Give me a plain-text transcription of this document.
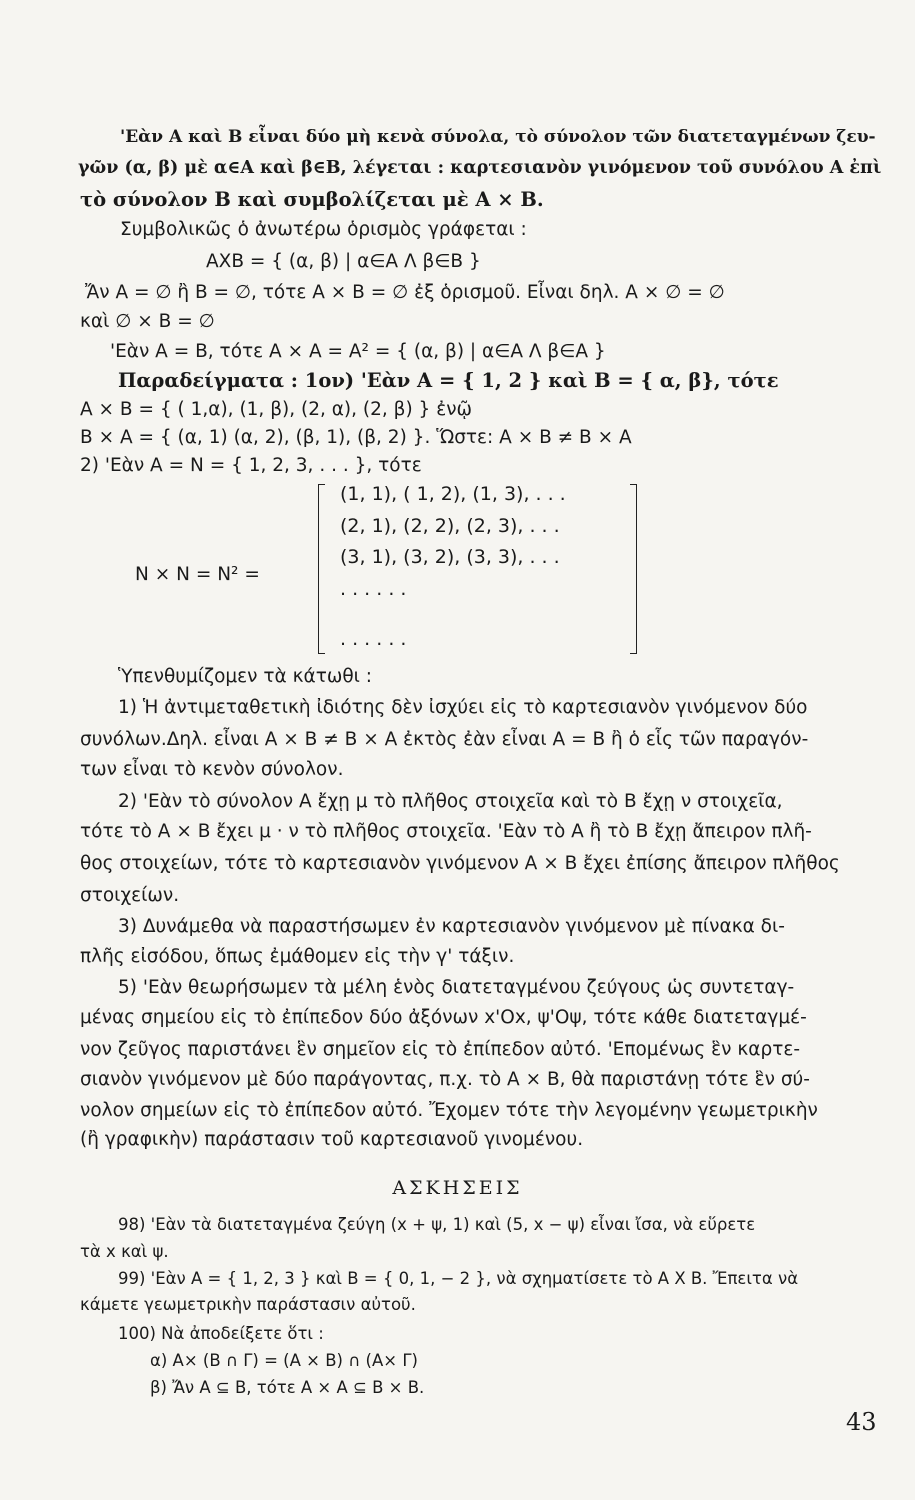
'Εὰν Α καὶ Β εἶναι δύο μὴ κενὰ σύνολα, τὸ σύνολον τῶν διατεταγμένων ζευ-
γῶν (α, β) μὲ α∈Α καὶ β∈Β, λέγεται : καρτεσιανὸν γινόμενον τοῦ συνόλου Α ἐπὶ
τὸ σύνολον Β καὶ συμβολίζεται μὲ Α × Β.
Συμβολικῶς ὁ ἀνωτέρω ὁρισμὸς γράφεται :
ΑΧΒ = { (α, β) | α∈Α Λ β∈Β }
Ἄν Α = ∅ ἢ Β = ∅, τότε Α × Β = ∅ ἐξ ὁρισμοῦ. Εἶναι δηλ. Α × ∅ = ∅
καὶ ∅ × Β = ∅
'Εὰν Α = Β, τότε Α × Α = Α² = { (α, β) | α∈Α Λ β∈Α }
Παραδείγματα : 1ον) 'Εὰν Α = { 1, 2 } καὶ Β = { α, β}, τότε
Α × Β = { ( 1,α), (1, β), (2, α), (2, β) } ἐνῷ
Β × Α = { (α, 1) (α, 2), (β, 1), (β, 2) }. Ὥστε: Α × Β ≠ Β × Α
2) 'Εὰν Α = Ν = { 1, 2, 3, . . . }, τότε
Ν × Ν = Ν² =
(1, 1), ( 1, 2), (1, 3), . . .
(2, 1), (2, 2), (2, 3), . . .
(3, 1), (3, 2), (3, 3), . . .
. . . . . .
. . . . . .
Ὑπενθυμίζομεν τὰ κάτωθι :
1) Ἡ ἀντιμεταθετικὴ ἰδιότης δὲν ἰσχύει εἰς τὸ καρτεσιανὸν γινόμενον δύο
συνόλων.Δηλ. εἶναι Α × Β ≠ Β × Α ἐκτὸς ἐὰν εἶναι Α = Β ἢ ὁ εἷς τῶν παραγόν-
των εἶναι τὸ κενὸν σύνολον.
2) 'Εὰν τὸ σύνολον Α ἔχῃ μ τὸ πλῆθος στοιχεῖα καὶ τὸ Β ἔχῃ ν στοιχεῖα,
τότε τὸ Α × Β ἔχει μ · ν τὸ πλῆθος στοιχεῖα. 'Εὰν τὸ Α ἢ τὸ Β ἔχῃ ἄπειρον πλῆ-
θος στοιχείων, τότε τὸ καρτεσιανὸν γινόμενον Α × Β ἔχει ἐπίσης ἄπειρον πλῆθος
στοιχείων.
3) Δυνάμεθα νὰ παραστήσωμεν ἐν καρτεσιανὸν γινόμενον μὲ πίνακα δι-
πλῆς εἰσόδου, ὅπως ἐμάθομεν εἰς τὴν γ' τάξιν.
5) 'Εὰν θεωρήσωμεν τὰ μέλη ἑνὸς διατεταγμένου ζεύγους ὡς συντεταγ-
μένας σημείου εἰς τὸ ἐπίπεδον δύο ἀξόνων x'Οx, ψ'Οψ, τότε κάθε διατεταγμέ-
νον ζεῦγος παριστάνει ἓν σημεῖον εἰς τὸ ἐπίπεδον αὐτό. 'Επομένως ἓν καρτε-
σιανὸν γινόμενον μὲ δύο παράγοντας, π.χ. τὸ Α × Β, θὰ παριστάνῃ τότε ἓν σύ-
νολον σημείων εἰς τὸ ἐπίπεδον αὐτό. Ἔχομεν τότε τὴν λεγομένην γεωμετρικὴν
(ἢ γραφικὴν) παράστασιν τοῦ καρτεσιανοῦ γινομένου.
ΑΣΚΗΣΕΙΣ
98) 'Εὰν τὰ διατεταγμένα ζεύγη (x + ψ, 1) καὶ (5, x − ψ) εἶναι ἴσα, νὰ εὕρετε
τὰ x καὶ ψ.
99) 'Εὰν Α = { 1, 2, 3 } καὶ Β = { 0, 1, − 2 }, νὰ σχηματίσετε τὸ Α Χ Β. Ἔπειτα νὰ
κάμετε γεωμετρικὴν παράστασιν αὐτοῦ.
100) Νὰ ἀποδείξετε ὅτι :
α) Α× (Β ∩ Γ) = (Α × Β) ∩ (Α× Γ)
β) Ἄν Α ⊆ Β, τότε Α × Α ⊆ Β × Β.
43
